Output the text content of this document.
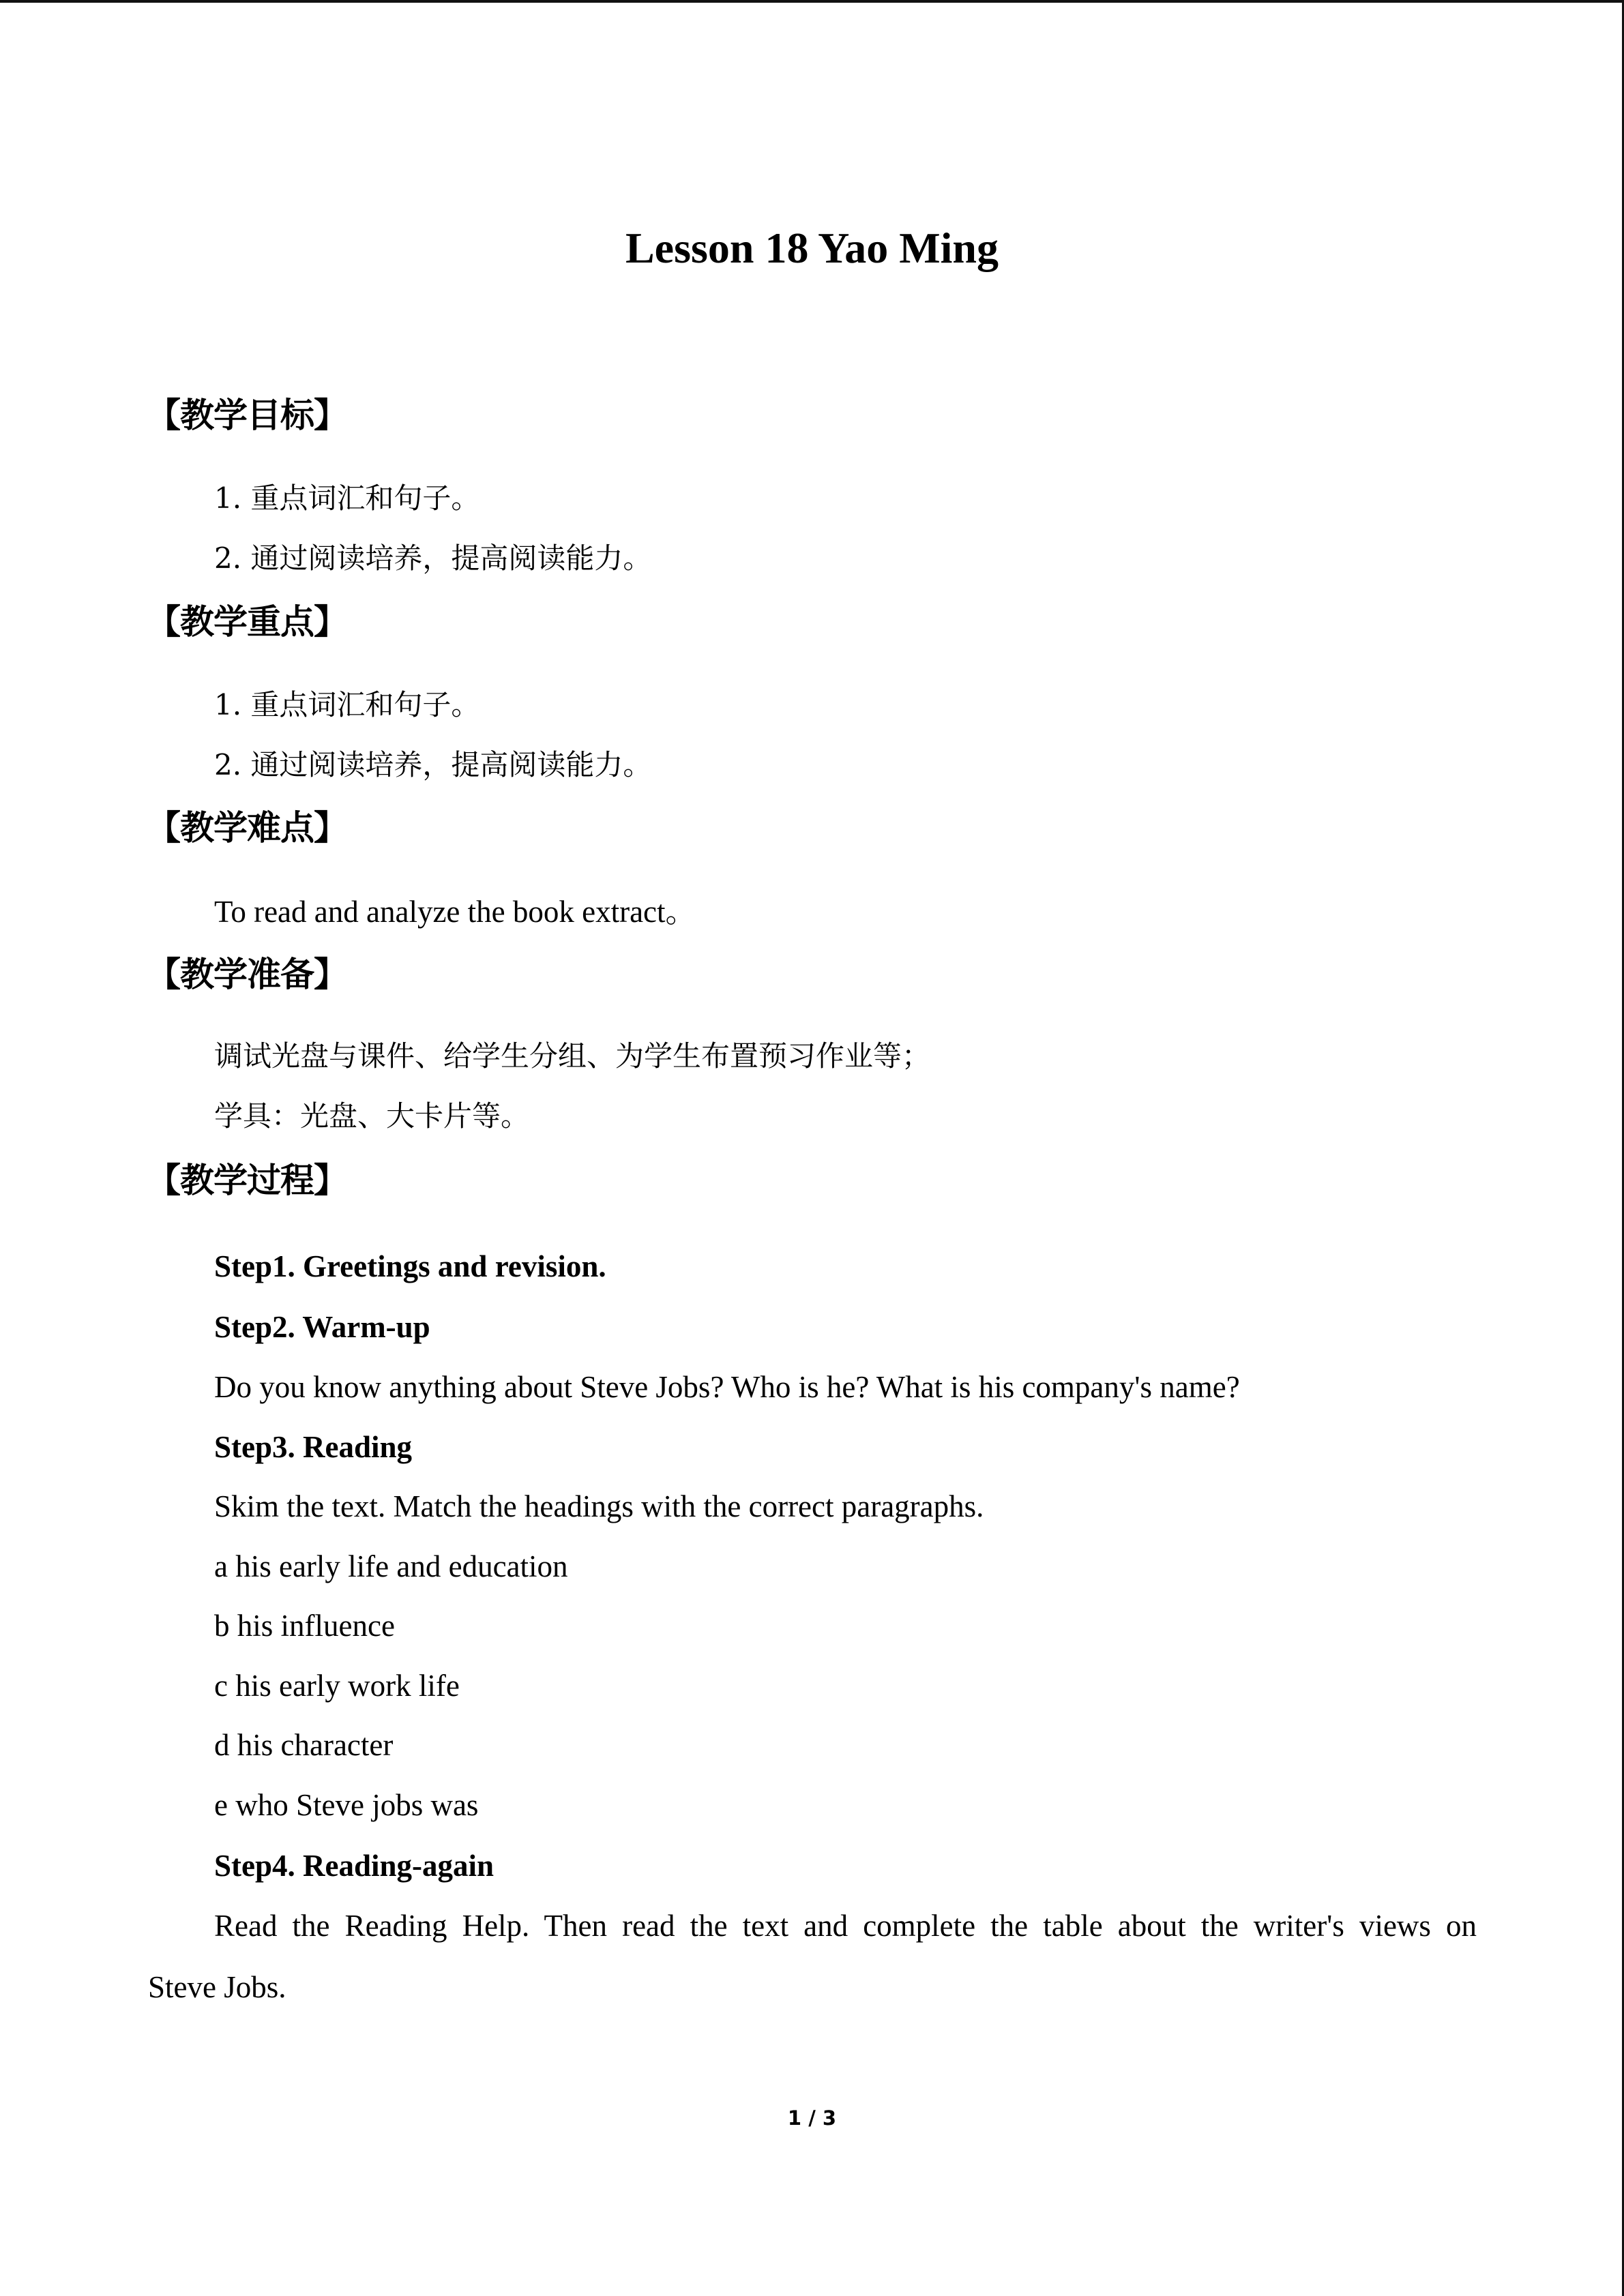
Lesson 18 Yao Ming
【教学目标】
1. 重点词汇和句子。
2. 通过阅读培养，提高阅读能力。
【教学重点】
1. 重点词汇和句子。
2. 通过阅读培养，提高阅读能力。
【教学难点】
To read and analyze the book extract。
【教学准备】
调试光盘与课件、给学生分组、为学生布置预习作业等；
学具：光盘、大卡片等。
【教学过程】
Step1. Greetings and revision.
Step2. Warm-up
Do you know anything about Steve Jobs? Who is he? What is his company's name?
Step3. Reading
Skim the text. Match the headings with the correct paragraphs.
a his early life and education
b his influence
c his early work life
d his character
e who Steve jobs was
Step4. Reading-again
Read the Reading Help. Then read the text and complete the table about the writer's views on
Steve Jobs.
1 / 3
